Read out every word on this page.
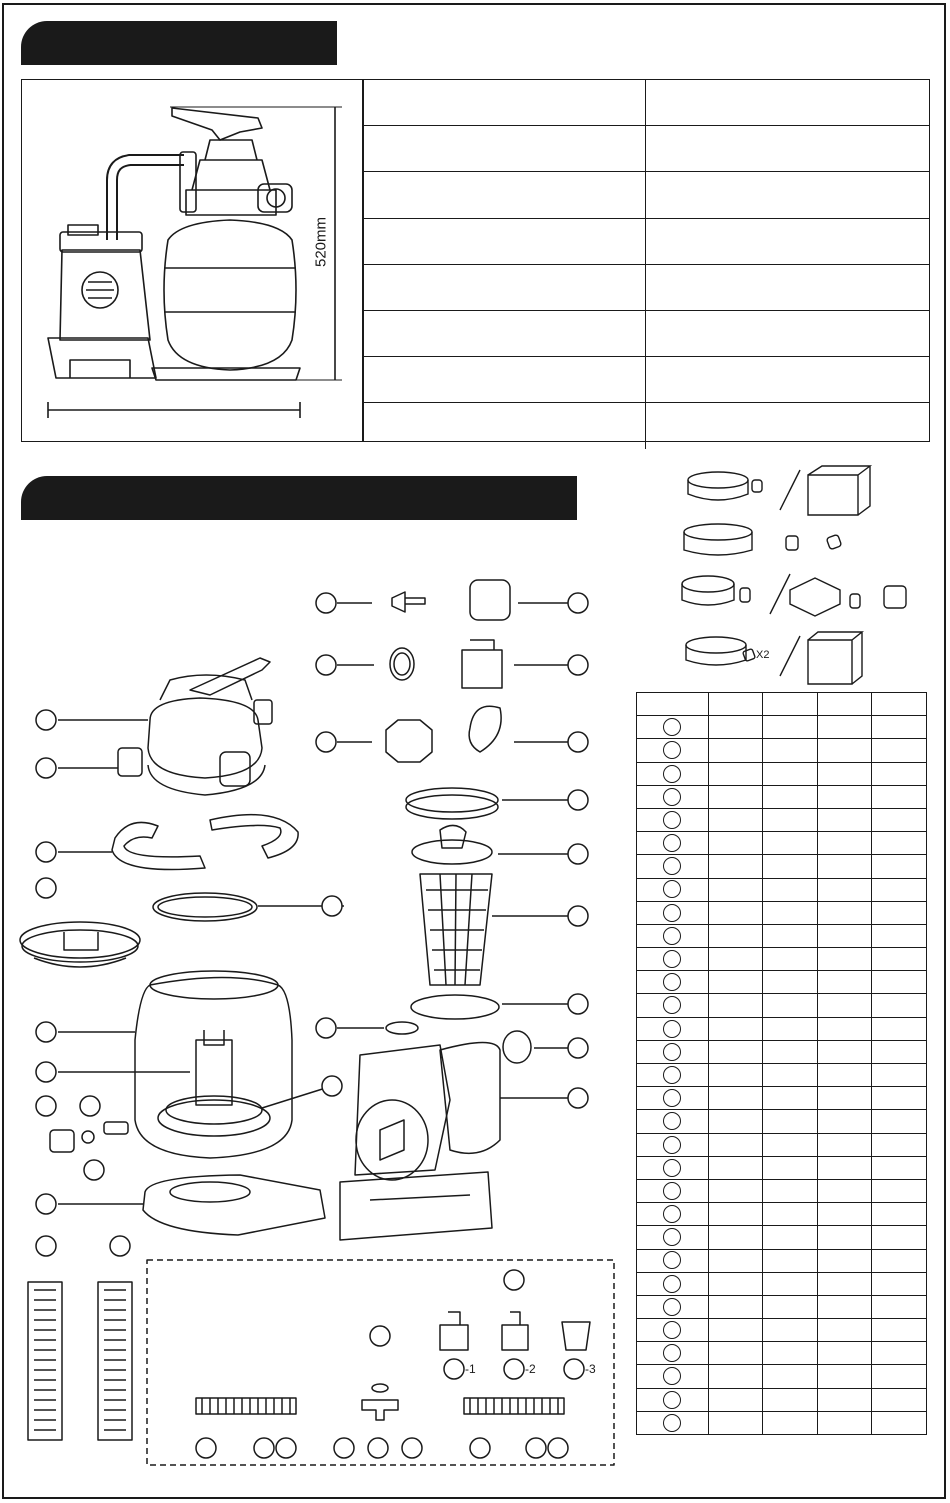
520mm
-1	-2	-3
X2
